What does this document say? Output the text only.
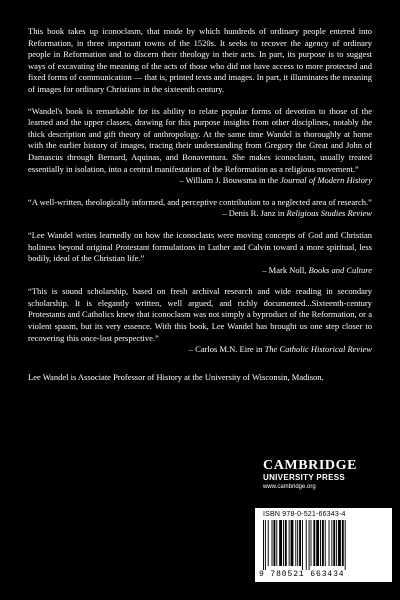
This book takes up iconoclasm, that mode by which hundreds of ordinary people entered into Reformation, in three important towns of the 1520s. It seeks to recover the agency of ordinary people in Reformation and to discern their theology in their acts. In part, its purpose is to suggest ways of excavating the meaning of the acts of those who did not have access to more protected and fixed forms of communication — that is, printed texts and images. In part, it illuminates the meaning of images for ordinary Christians in the sixteenth century.

“Wandel's book is remarkable for its ability to relate popular forms of devotion to those of the learned and the upper classes, drawing for this purpose insights from other disciplines, notably the thick description and gift theory of anthropology. At the same time Wandel is thoroughly at home with the earlier history of images, tracing their understanding from Gregory the Great and John of Damascus through Bernard, Aquinas, and Bonaventura. She makes iconoclasm, usually treated essentially in isolation, into a central manifestation of the Reformation as a religious movement.”
– William J. Bouwsma in the Journal of Modern History

“A well-written, theologically informed, and perceptive contribution to a neglected area of research.”
– Denis R. Janz in Religious Studies Review

“Lee Wandel writes learnedly on how the iconoclasts were moving concepts of God and Christian holiness beyond original Protestant formulations in Luther and Calvin toward a more spiritual, less bodily, ideal of the Christian life.”
– Mark Noll, Books and Culture

“This is sound scholarship, based on fresh archival research and wide reading in secondary scholarship. It is elegantly written, well argued, and richly documented...Sixteenth-century Protestants and Catholics knew that iconoclasm was not simply a byproduct of the Reformation, or a violent spasm, but its very essence. With this book, Lee Wandel has brought us one step closer to recovering this once-lost perspective.”
– Carlos M.N. Eire in The Catholic Historical Review

Lee Wandel is Associate Professor of History at the University of Wisconsin, Madison.

CAMBRIDGE
UNIVERSITY PRESS
www.cambridge.org
ISBN 978-0-521-66343-4
9 780521 663434
